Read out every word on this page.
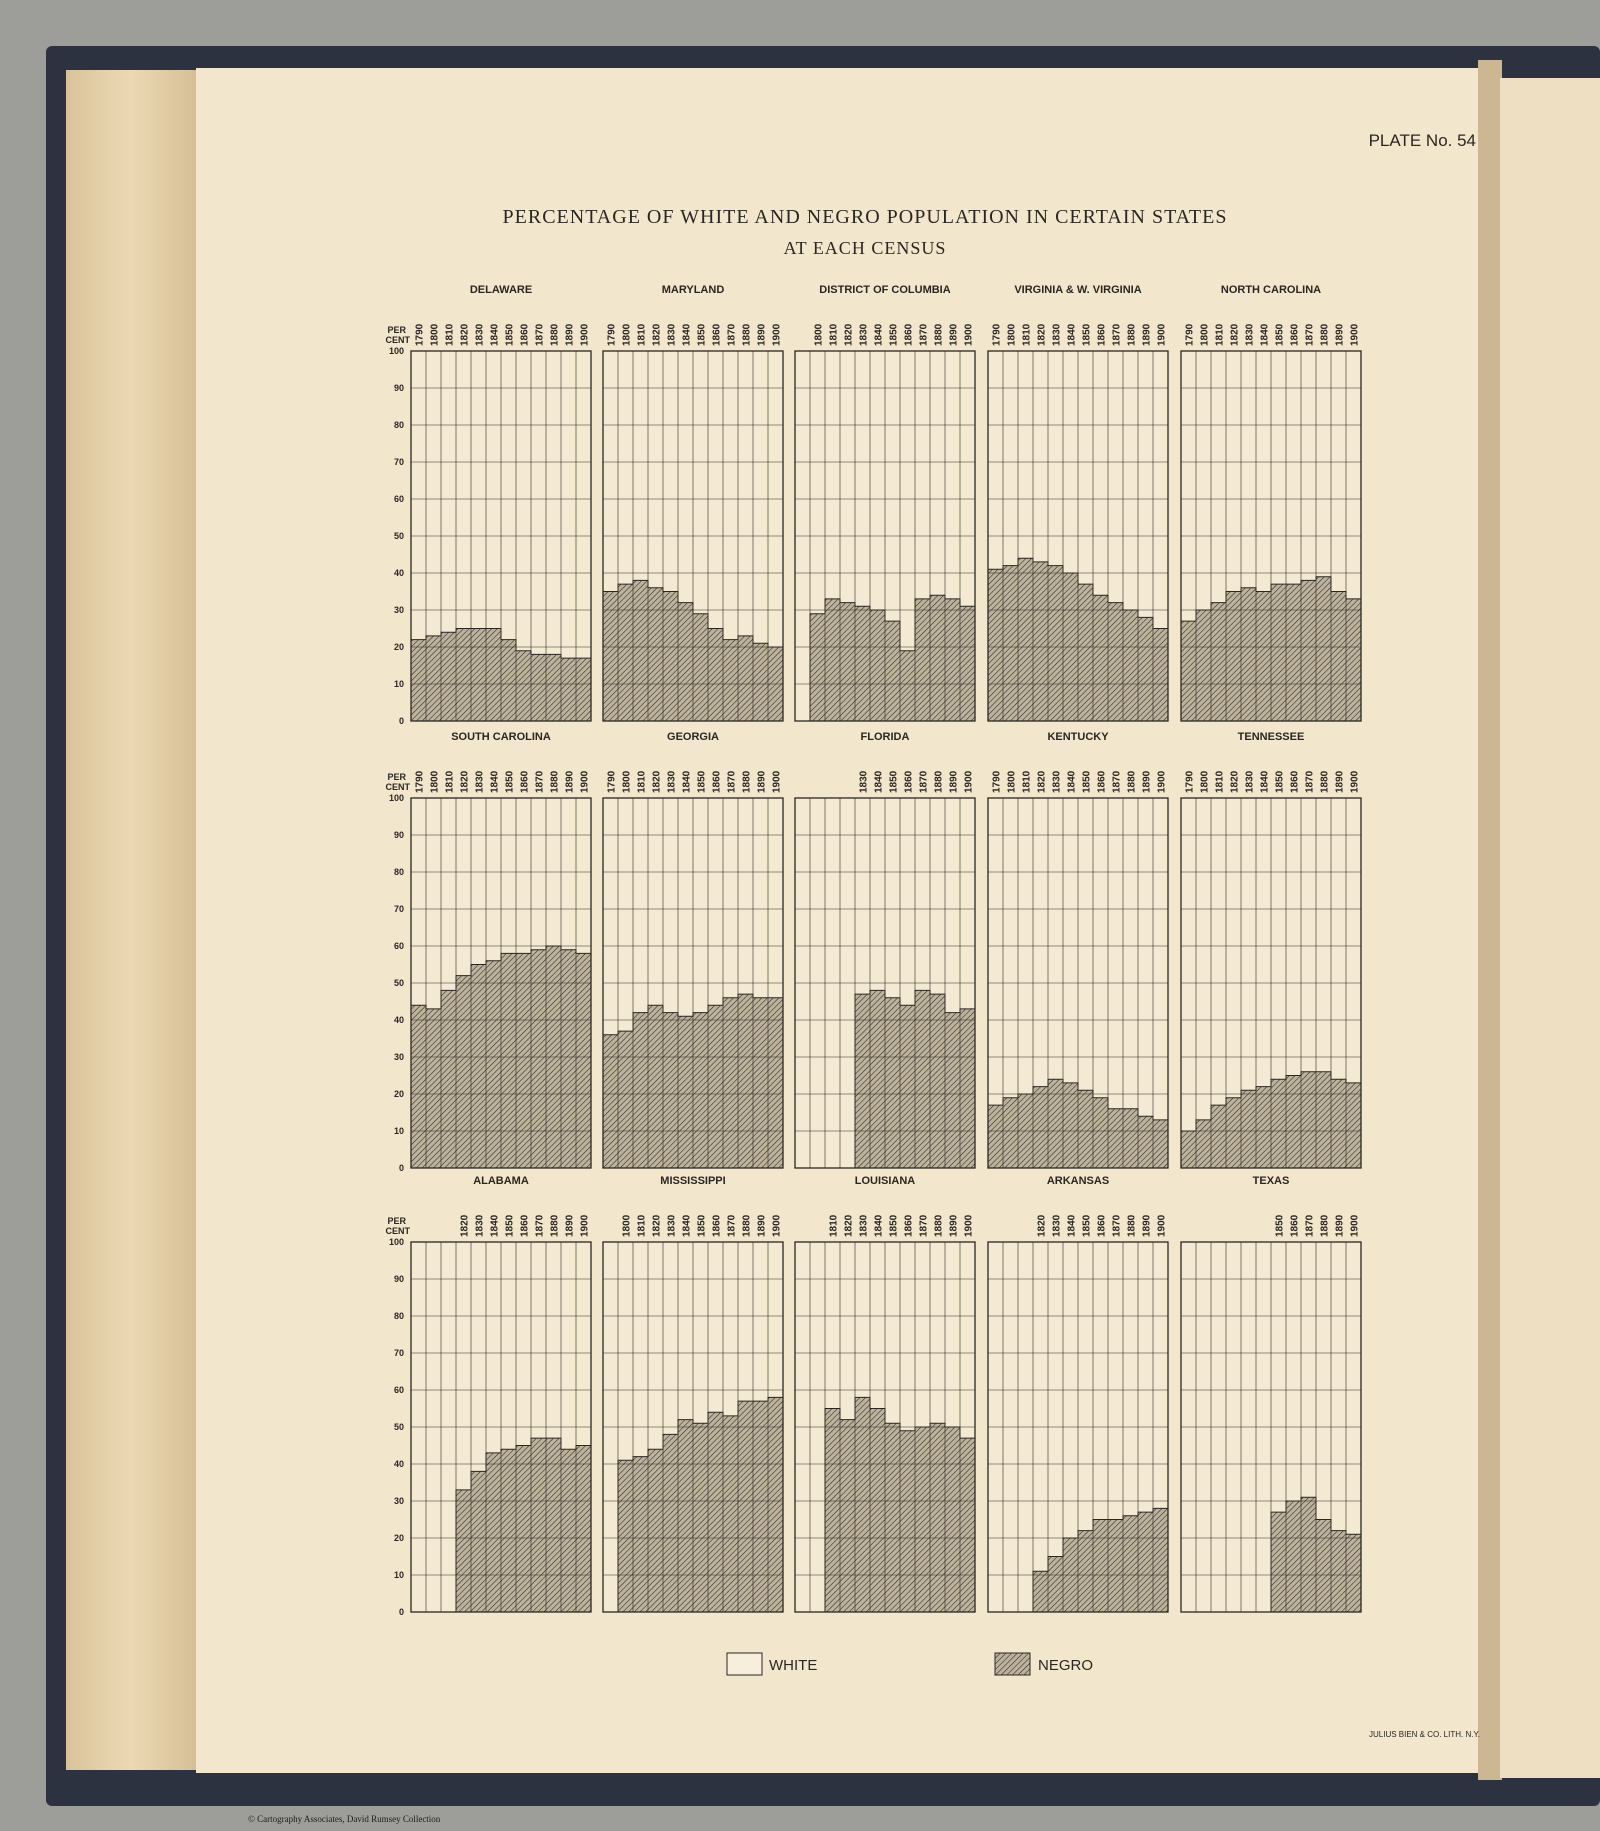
PLATE No. 54
PERCENTAGE OF WHITE AND NEGRO POPULATION IN CERTAIN STATES
AT EACH CENSUS
PER
CENT
100
90
80
70
60
50
40
30
20
10
0
PER
CENT
100
90
80
70
60
50
40
30
20
10
0
PER
CENT
100
90
80
70
60
50
40
30
20
10
0
DELAWARE
1790 1800 1810 1820 1830 1840 1850 1860 1870 1880 1890 1900
MARYLAND
1790 1800 1810 1820 1830 1840 1850 1860 1870 1880 1890 1900
DISTRICT OF COLUMBIA
1800 1810 1820 1830 1840 1850 1860 1870 1880 1890 1900
VIRGINIA & W. VIRGINIA
1790 1800 1810 1820 1830 1840 1850 1860 1870 1880 1890 1900
NORTH CAROLINA
1790 1800 1810 1820 1830 1840 1850 1860 1870 1880 1890 1900
SOUTH CAROLINA
1790 1800 1810 1820 1830 1840 1850 1860 1870 1880 1890 1900
GEORGIA
1790 1800 1810 1820 1830 1840 1850 1860 1870 1880 1890 1900
FLORIDA
1830 1840 1850 1860 1870 1880 1890 1900
KENTUCKY
1790 1800 1810 1820 1830 1840 1850 1860 1870 1880 1890 1900
TENNESSEE
1790 1800 1810 1820 1830 1840 1850 1860 1870 1880 1890 1900
ALABAMA
1820 1830 1840 1850 1860 1870 1880 1890 1900
MISSISSIPPI
1800 1810 1820 1830 1840 1850 1860 1870 1880 1890 1900
LOUISIANA
1810 1820 1830 1840 1850 1860 1870 1880 1890 1900
ARKANSAS
1820 1830 1840 1850 1860 1870 1880 1890 1900
TEXAS
1850 1860 1870 1880 1890 1900
WHITE	NEGRO
JULIUS BIEN & CO. LITH. N.Y.
© Cartography Associates, David Rumsey Collection
